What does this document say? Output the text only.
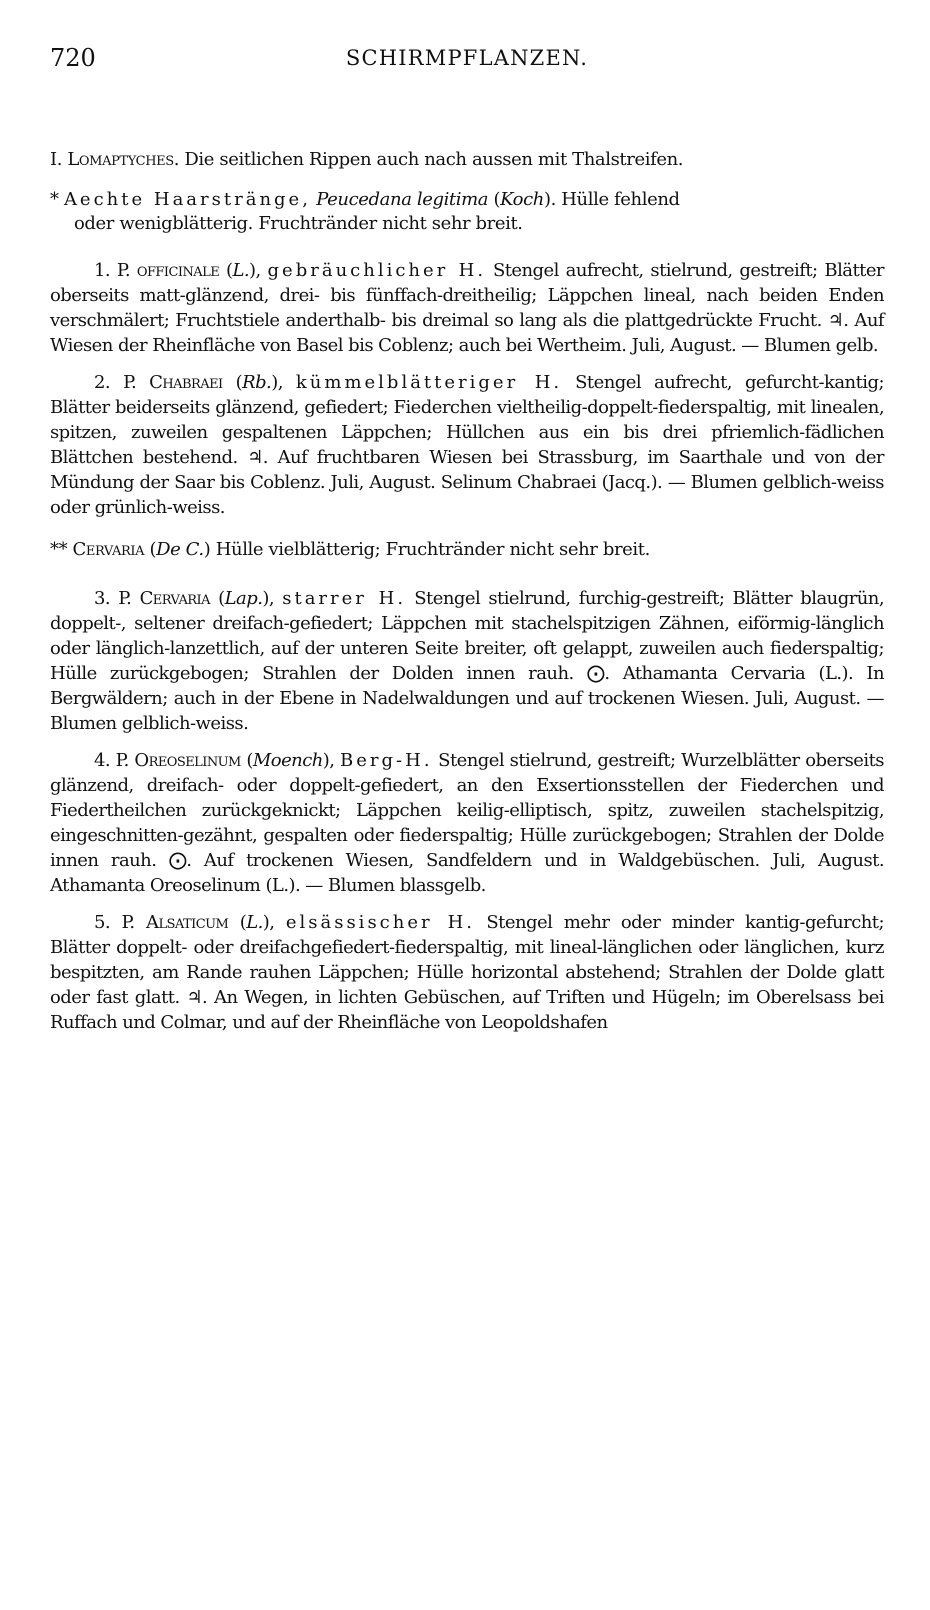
720	SCHIRMPFLANZEN.
I. Lomaptyches. Die seitlichen Rippen auch nach aussen mit Thalstreifen.
* Aechte Haarstränge, Peucedana legitima (Koch). Hülle fehlend
oder wenigblätterig. Fruchtränder nicht sehr breit.
1. P. officinale (L.), gebräuchlicher H. Stengel aufrecht, stielrund, gestreift; Blätter oberseits matt-glänzend, drei- bis fünffach-dreitheilig; Läppchen lineal, nach beiden Enden verschmälert; Fruchtstiele anderthalb- bis dreimal so lang als die plattgedrückte Frucht. ♃. Auf Wiesen der Rheinfläche von Basel bis Coblenz; auch bei Wertheim. Juli, August. — Blumen gelb.
2. P. Chabraei (Rb.), kümmelblätteriger H. Stengel aufrecht, gefurcht-kantig; Blätter beiderseits glänzend, gefiedert; Fiederchen vieltheilig-doppelt-fiederspaltig, mit linealen, spitzen, zuweilen gespaltenen Läppchen; Hüllchen aus ein bis drei pfriemlich-fädlichen Blättchen bestehend. ♃. Auf fruchtbaren Wiesen bei Strassburg, im Saarthale und von der Mündung der Saar bis Coblenz. Juli, August. Selinum Chabraei (Jacq.). — Blumen gelblich-weiss oder grünlich-weiss.
** Cervaria (De C.) Hülle vielblätterig; Fruchtränder nicht sehr breit.
3. P. Cervaria (Lap.), starrer H. Stengel stielrund, furchig-gestreift; Blätter blaugrün, doppelt-, seltener dreifach-gefiedert; Läppchen mit stachelspitzigen Zähnen, eiförmig-länglich oder länglich-lanzettlich, auf der unteren Seite breiter, oft gelappt, zuweilen auch fiederspaltig; Hülle zurückgebogen; Strahlen der Dolden innen rauh. ⨀. Athamanta Cervaria (L.). In Bergwäldern; auch in der Ebene in Nadelwaldungen und auf trockenen Wiesen. Juli, August. — Blumen gelblich-weiss.
4. P. Oreoselinum (Moench), Berg-H. Stengel stielrund, gestreift; Wurzelblätter oberseits glänzend, dreifach- oder doppelt-gefiedert, an den Exsertionsstellen der Fiederchen und Fiedertheilchen zurückgeknickt; Läppchen keilig-elliptisch, spitz, zuweilen stachelspitzig, eingeschnitten-gezähnt, gespalten oder fiederspaltig; Hülle zurückgebogen; Strahlen der Dolde innen rauh. ⨀. Auf trockenen Wiesen, Sandfeldern und in Waldgebüschen. Juli, August. Athamanta Oreoselinum (L.). — Blumen blassgelb.
5. P. Alsaticum (L.), elsässischer H. Stengel mehr oder minder kantig-gefurcht; Blätter doppelt- oder dreifachgefiedert-fiederspaltig, mit lineal-länglichen oder länglichen, kurz bespitzten, am Rande rauhen Läppchen; Hülle horizontal abstehend; Strahlen der Dolde glatt oder fast glatt. ♃. An Wegen, in lichten Gebüschen, auf Triften und Hügeln; im Oberelsass bei Ruffach und Colmar, und auf der Rheinfläche von Leopoldshafen
